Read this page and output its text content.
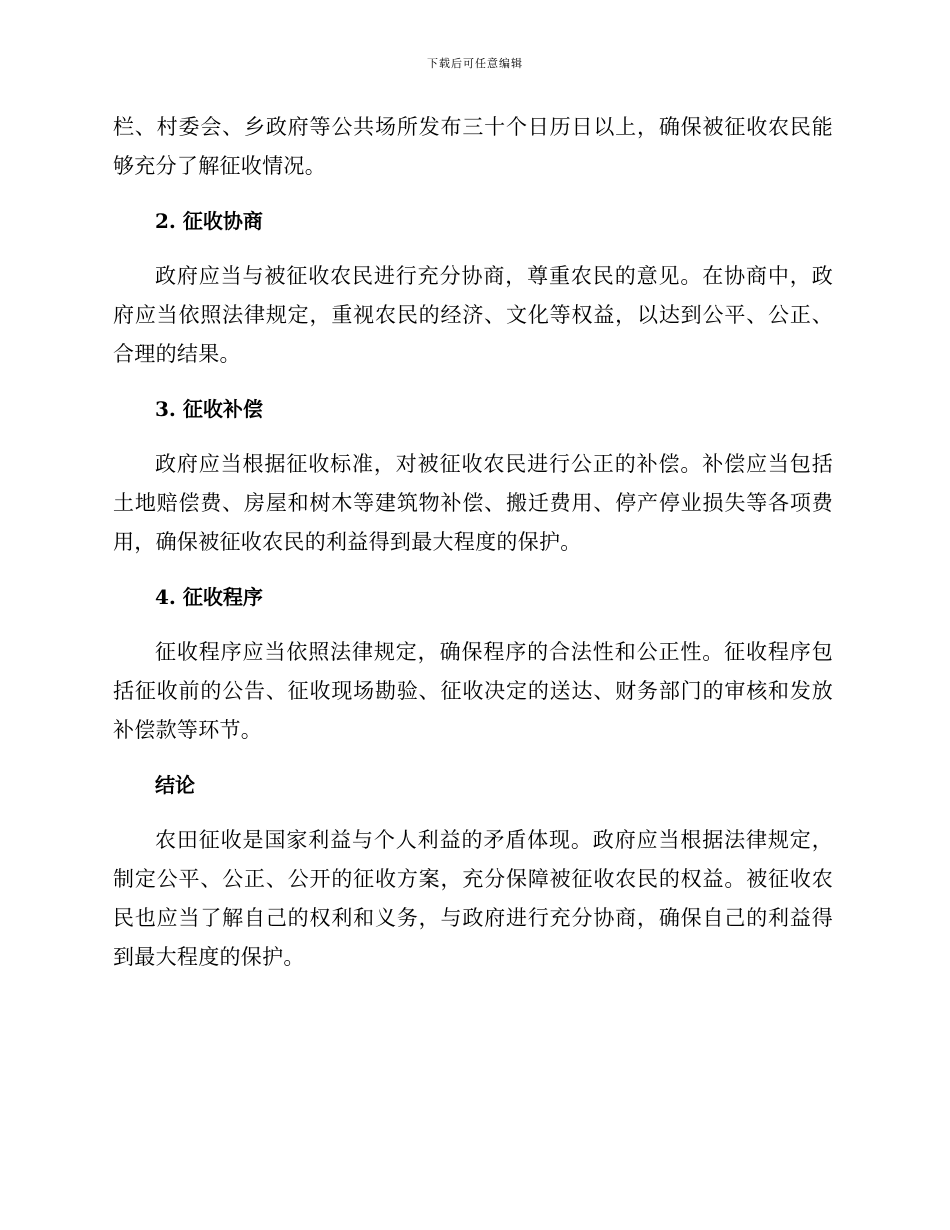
下载后可任意编辑

栏、村委会、乡政府等公共场所发布三十个日历日以上，确保被征收农民能够充分了解征收情况。

2. 征收协商

政府应当与被征收农民进行充分协商，尊重农民的意见。在协商中，政府应当依照法律规定，重视农民的经济、文化等权益，以达到公平、公正、合理的结果。

3. 征收补偿

政府应当根据征收标准，对被征收农民进行公正的补偿。补偿应当包括土地赔偿费、房屋和树木等建筑物补偿、搬迁费用、停产停业损失等各项费用，确保被征收农民的利益得到最大程度的保护。

4. 征收程序

征收程序应当依照法律规定，确保程序的合法性和公正性。征收程序包括征收前的公告、征收现场勘验、征收决定的送达、财务部门的审核和发放补偿款等环节。

结论

农田征收是国家利益与个人利益的矛盾体现。政府应当根据法律规定，制定公平、公正、公开的征收方案，充分保障被征收农民的权益。被征收农民也应当了解自己的权利和义务，与政府进行充分协商，确保自己的利益得到最大程度的保护。
